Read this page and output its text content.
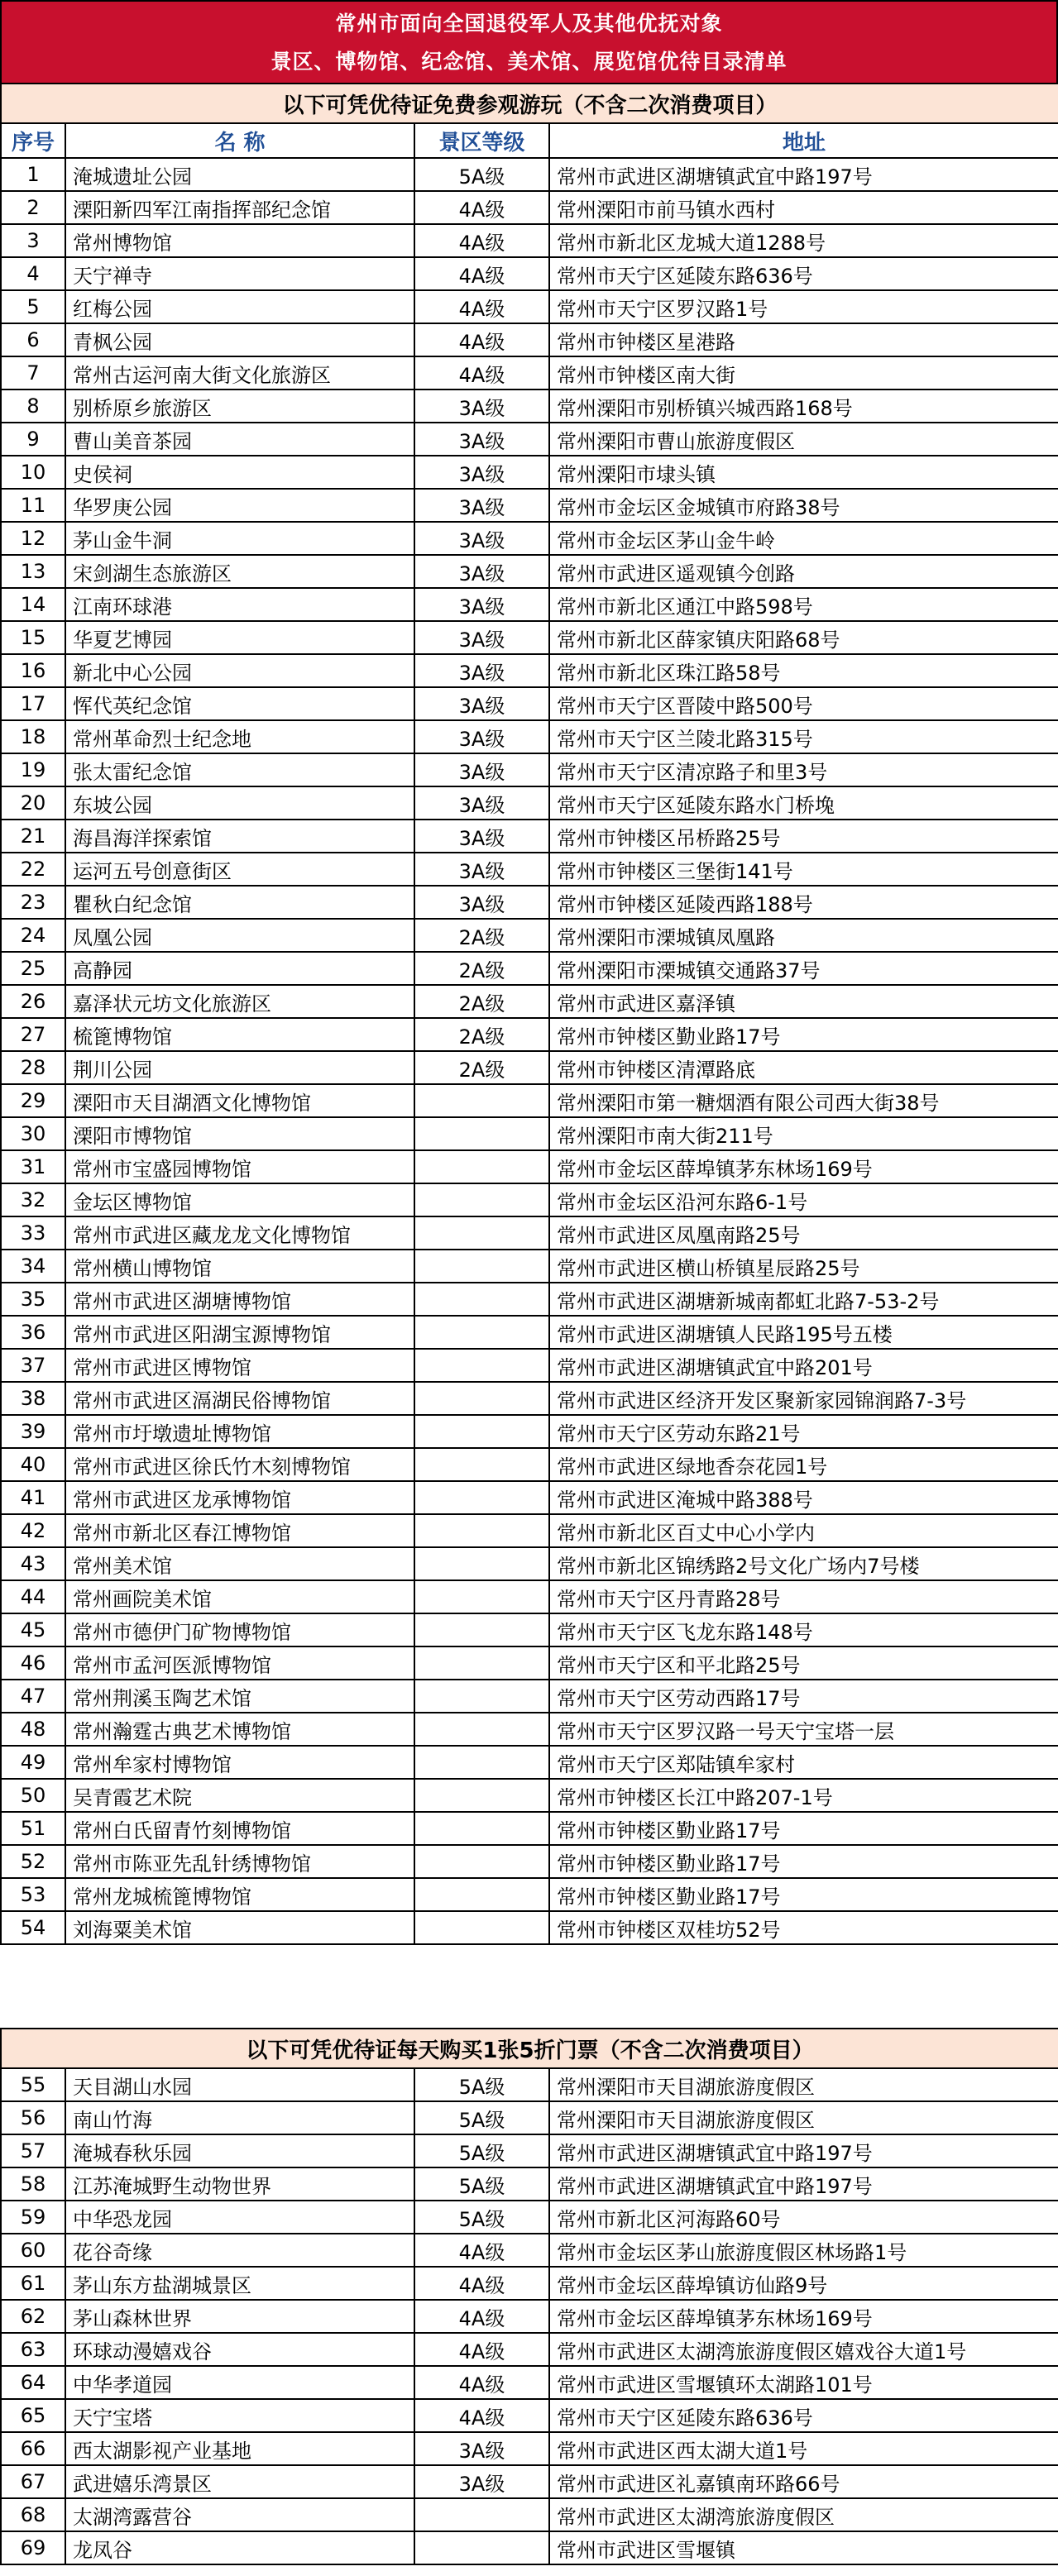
常州市面向全国退役军人及其他优抚对象
景区、博物馆、纪念馆、美术馆、展览馆优待目录清单
以下可凭优待证免费参观游玩（不含二次消费项目）			
序号	名 称	景区等级	地址
1	淹城遗址公园	5A级	常州市武进区湖塘镇武宜中路197号
2	溧阳新四军江南指挥部纪念馆	4A级	常州溧阳市前马镇水西村
3	常州博物馆	4A级	常州市新北区龙城大道1288号
4	天宁禅寺	4A级	常州市天宁区延陵东路636号
5	红梅公园	4A级	常州市天宁区罗汉路1号
6	青枫公园	4A级	常州市钟楼区星港路
7	常州古运河南大街文化旅游区	4A级	常州市钟楼区南大街
8	别桥原乡旅游区	3A级	常州溧阳市别桥镇兴城西路168号
9	曹山美音茶园	3A级	常州溧阳市曹山旅游度假区
10	史侯祠	3A级	常州溧阳市埭头镇
11	华罗庚公园	3A级	常州市金坛区金城镇市府路38号
12	茅山金牛洞	3A级	常州市金坛区茅山金牛岭
13	宋剑湖生态旅游区	3A级	常州市武进区遥观镇今创路
14	江南环球港	3A级	常州市新北区通江中路598号
15	华夏艺博园	3A级	常州市新北区薛家镇庆阳路68号
16	新北中心公园	3A级	常州市新北区珠江路58号
17	恽代英纪念馆	3A级	常州市天宁区晋陵中路500号
18	常州革命烈士纪念地	3A级	常州市天宁区兰陵北路315号
19	张太雷纪念馆	3A级	常州市天宁区清凉路子和里3号
20	东坡公园	3A级	常州市天宁区延陵东路水门桥堍
21	海昌海洋探索馆	3A级	常州市钟楼区吊桥路25号
22	运河五号创意街区	3A级	常州市钟楼区三堡街141号
23	瞿秋白纪念馆	3A级	常州市钟楼区延陵西路188号
24	凤凰公园	2A级	常州溧阳市溧城镇凤凰路
25	高静园	2A级	常州溧阳市溧城镇交通路37号
26	嘉泽状元坊文化旅游区	2A级	常州市武进区嘉泽镇
27	梳篦博物馆	2A级	常州市钟楼区勤业路17号
28	荆川公园	2A级	常州市钟楼区清潭路底
29	溧阳市天目湖酒文化博物馆		常州溧阳市第一糖烟酒有限公司西大街38号
30	溧阳市博物馆		常州溧阳市南大街211号
31	常州市宝盛园博物馆		常州市金坛区薛埠镇茅东林场169号
32	金坛区博物馆		常州市金坛区沿河东路6-1号
33	常州市武进区藏龙龙文化博物馆		常州市武进区凤凰南路25号
34	常州横山博物馆		常州市武进区横山桥镇星辰路25号
35	常州市武进区湖塘博物馆		常州市武进区湖塘新城南都虹北路7-53-2号
36	常州市武进区阳湖宝源博物馆		常州市武进区湖塘镇人民路195号五楼
37	常州市武进区博物馆		常州市武进区湖塘镇武宜中路201号
38	常州市武进区滆湖民俗博物馆		常州市武进区经济开发区聚新家园锦润路7-3号
39	常州市圩墩遗址博物馆		常州市天宁区劳动东路21号
40	常州市武进区徐氏竹木刻博物馆		常州市武进区绿地香奈花园1号
41	常州市武进区龙承博物馆		常州市武进区淹城中路388号
42	常州市新北区春江博物馆		常州市新北区百丈中心小学内
43	常州美术馆		常州市新北区锦绣路2号文化广场内7号楼
44	常州画院美术馆		常州市天宁区丹青路28号
45	常州市德伊门矿物博物馆		常州市天宁区飞龙东路148号
46	常州市孟河医派博物馆		常州市天宁区和平北路25号
47	常州荆溪玉陶艺术馆		常州市天宁区劳动西路17号
48	常州瀚霆古典艺术博物馆		常州市天宁区罗汉路一号天宁宝塔一层
49	常州牟家村博物馆		常州市天宁区郑陆镇牟家村
50	吴青霞艺术院		常州市钟楼区长江中路207-1号
51	常州白氏留青竹刻博物馆		常州市钟楼区勤业路17号
52	常州市陈亚先乱针绣博物馆		常州市钟楼区勤业路17号
53	常州龙城梳篦博物馆		常州市钟楼区勤业路17号
54	刘海粟美术馆		常州市钟楼区双桂坊52号
以下可凭优待证每天购买1张5折门票（不含二次消费项目）			
55	天目湖山水园	5A级	常州溧阳市天目湖旅游度假区
56	南山竹海	5A级	常州溧阳市天目湖旅游度假区
57	淹城春秋乐园	5A级	常州市武进区湖塘镇武宜中路197号
58	江苏淹城野生动物世界	5A级	常州市武进区湖塘镇武宜中路197号
59	中华恐龙园	5A级	常州市新北区河海路60号
60	花谷奇缘	4A级	常州市金坛区茅山旅游度假区林场路1号
61	茅山东方盐湖城景区	4A级	常州市金坛区薛埠镇访仙路9号
62	茅山森林世界	4A级	常州市金坛区薛埠镇茅东林场169号
63	环球动漫嬉戏谷	4A级	常州市武进区太湖湾旅游度假区嬉戏谷大道1号
64	中华孝道园	4A级	常州市武进区雪堰镇环太湖路101号
65	天宁宝塔	4A级	常州市天宁区延陵东路636号
66	西太湖影视产业基地	3A级	常州市武进区西太湖大道1号
67	武进嬉乐湾景区	3A级	常州市武进区礼嘉镇南环路66号
68	太湖湾露营谷		常州市武进区太湖湾旅游度假区
69	龙凤谷		常州市武进区雪堰镇
